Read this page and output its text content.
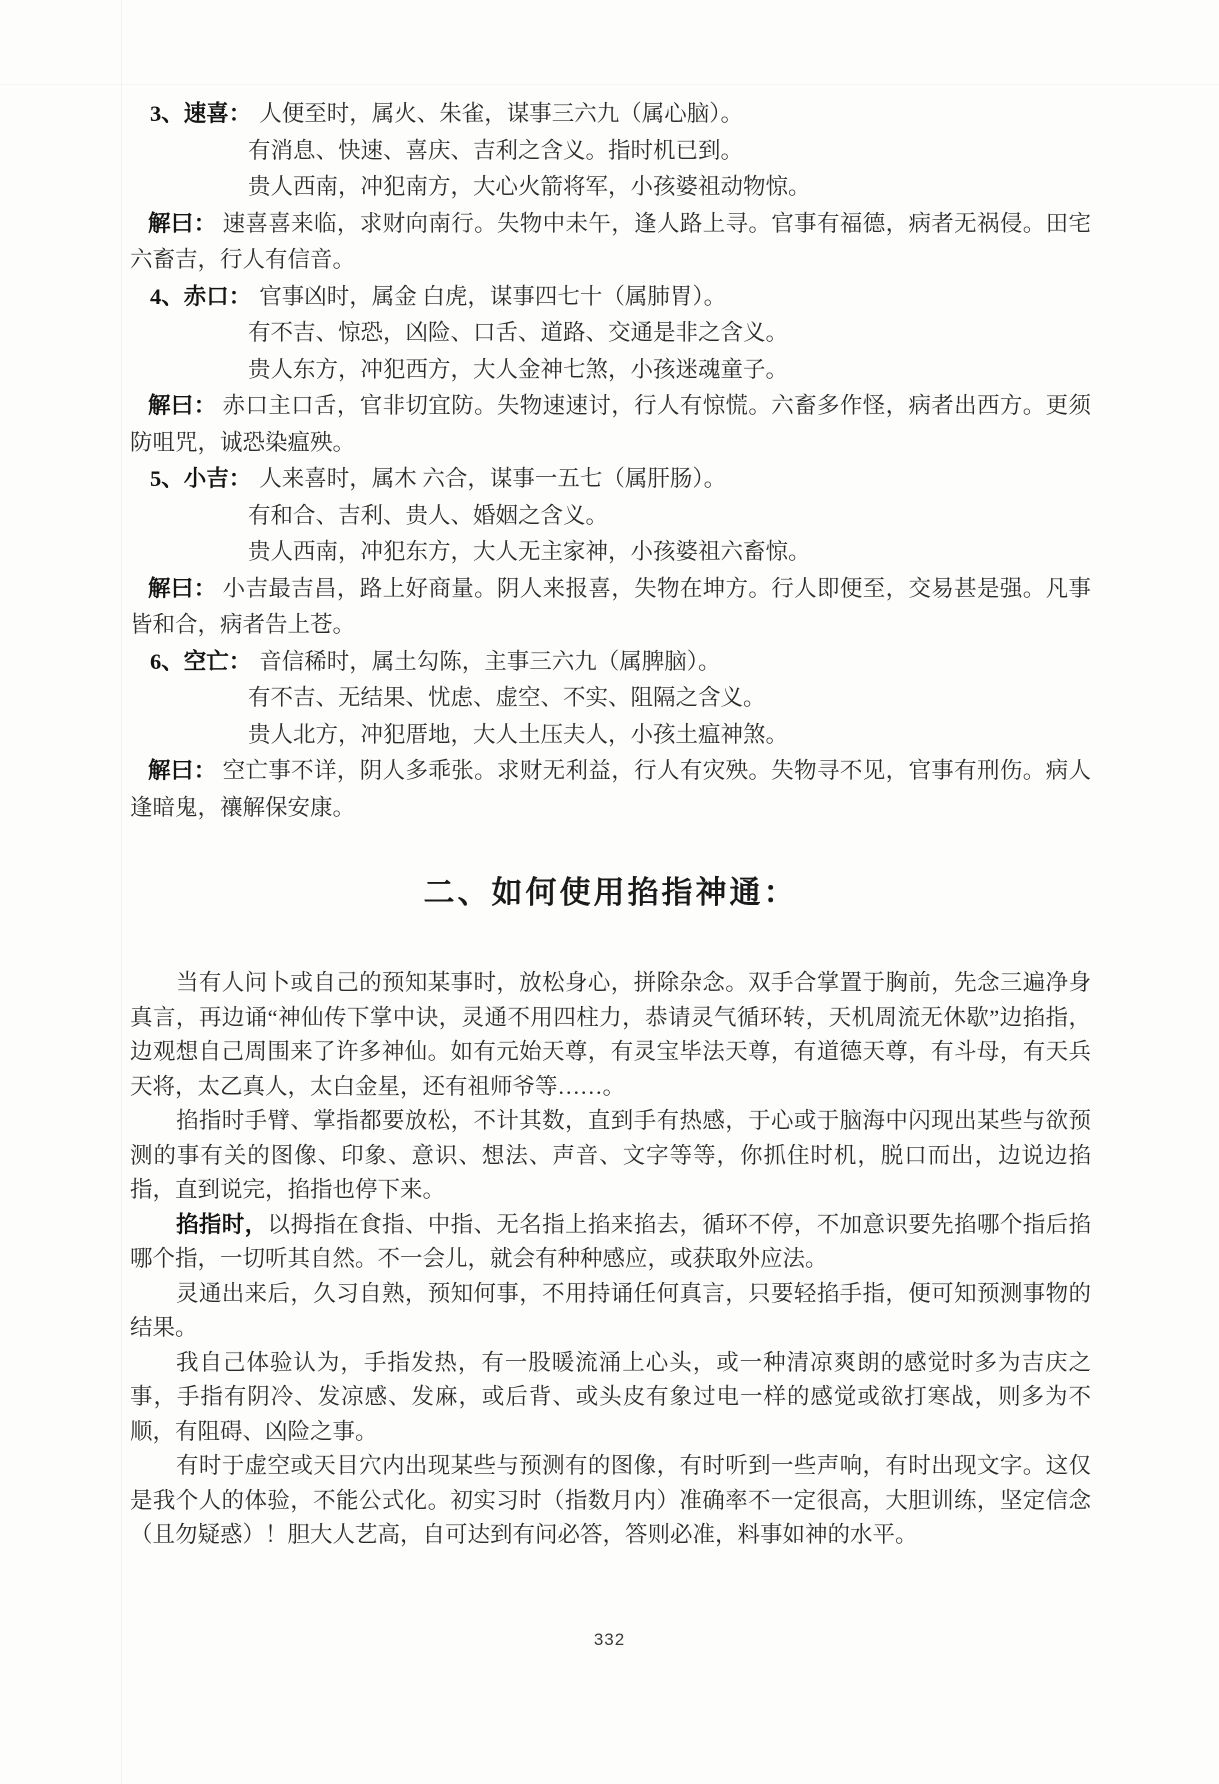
3、速喜： 人便至时，属火、朱雀，谋事三六九（属心脑）。
有消息、快速、喜庆、吉利之含义。指时机已到。
贵人西南，冲犯南方，大心火箭将军，小孩婆祖动物惊。
解曰： 速喜喜来临，求财向南行。失物中未午，逢人路上寻。官事有福德，病者无祸侵。田宅六畜吉，行人有信音。
4、赤口： 官事凶时，属金 白虎，谋事四七十（属肺胃）。
有不吉、惊恐，凶险、口舌、道路、交通是非之含义。
贵人东方，冲犯西方，大人金神七煞，小孩迷魂童子。
解曰： 赤口主口舌，官非切宜防。失物速速讨，行人有惊慌。六畜多作怪，病者出西方。更须防咀咒，诚恐染瘟殃。
5、小吉： 人来喜时，属木 六合，谋事一五七（属肝肠）。
有和合、吉利、贵人、婚姻之含义。
贵人西南，冲犯东方，大人无主家神，小孩婆祖六畜惊。
解曰： 小吉最吉昌，路上好商量。阴人来报喜，失物在坤方。行人即便至，交易甚是强。凡事皆和合，病者告上苍。
6、空亡： 音信稀时，属土勾陈，主事三六九（属脾脑）。
有不吉、无结果、忧虑、虚空、不实、阻隔之含义。
贵人北方，冲犯厝地，大人土压夫人，小孩土瘟神煞。
解曰： 空亡事不详，阴人多乖张。求财无利益，行人有灾殃。失物寻不见，官事有刑伤。病人逢暗鬼，禳解保安康。
二、如何使用掐指神通：

当有人问卜或自己的预知某事时，放松身心，拼除杂念。双手合掌置于胸前，先念三遍净身真言，再边诵“神仙传下掌中诀，灵通不用四柱力，恭请灵气循环转，天机周流无休歇”边掐指，边观想自己周围来了许多神仙。如有元始天尊，有灵宝毕法天尊，有道德天尊，有斗母，有天兵天将，太乙真人，太白金星，还有祖师爷等……。

掐指时手臂、掌指都要放松，不计其数，直到手有热感，于心或于脑海中闪现出某些与欲预测的事有关的图像、印象、意识、想法、声音、文字等等，你抓住时机，脱口而出，边说边掐指，直到说完，掐指也停下来。

掐指时，以拇指在食指、中指、无名指上掐来掐去，循环不停，不加意识要先掐哪个指后掐哪个指，一切听其自然。不一会儿，就会有种种感应，或获取外应法。

灵通出来后，久习自熟，预知何事，不用持诵任何真言，只要轻掐手指，便可知预测事物的结果。

我自己体验认为，手指发热，有一股暖流涌上心头，或一种清凉爽朗的感觉时多为吉庆之事，手指有阴冷、发凉感、发麻，或后背、或头皮有象过电一样的感觉或欲打寒战，则多为不顺，有阻碍、凶险之事。

有时于虚空或天目穴内出现某些与预测有的图像，有时听到一些声响，有时出现文字。这仅是我个人的体验，不能公式化。初实习时（指数月内）准确率不一定很高，大胆训练，坚定信念（且勿疑惑）！胆大人艺高，自可达到有问必答，答则必准，料事如神的水平。

332
